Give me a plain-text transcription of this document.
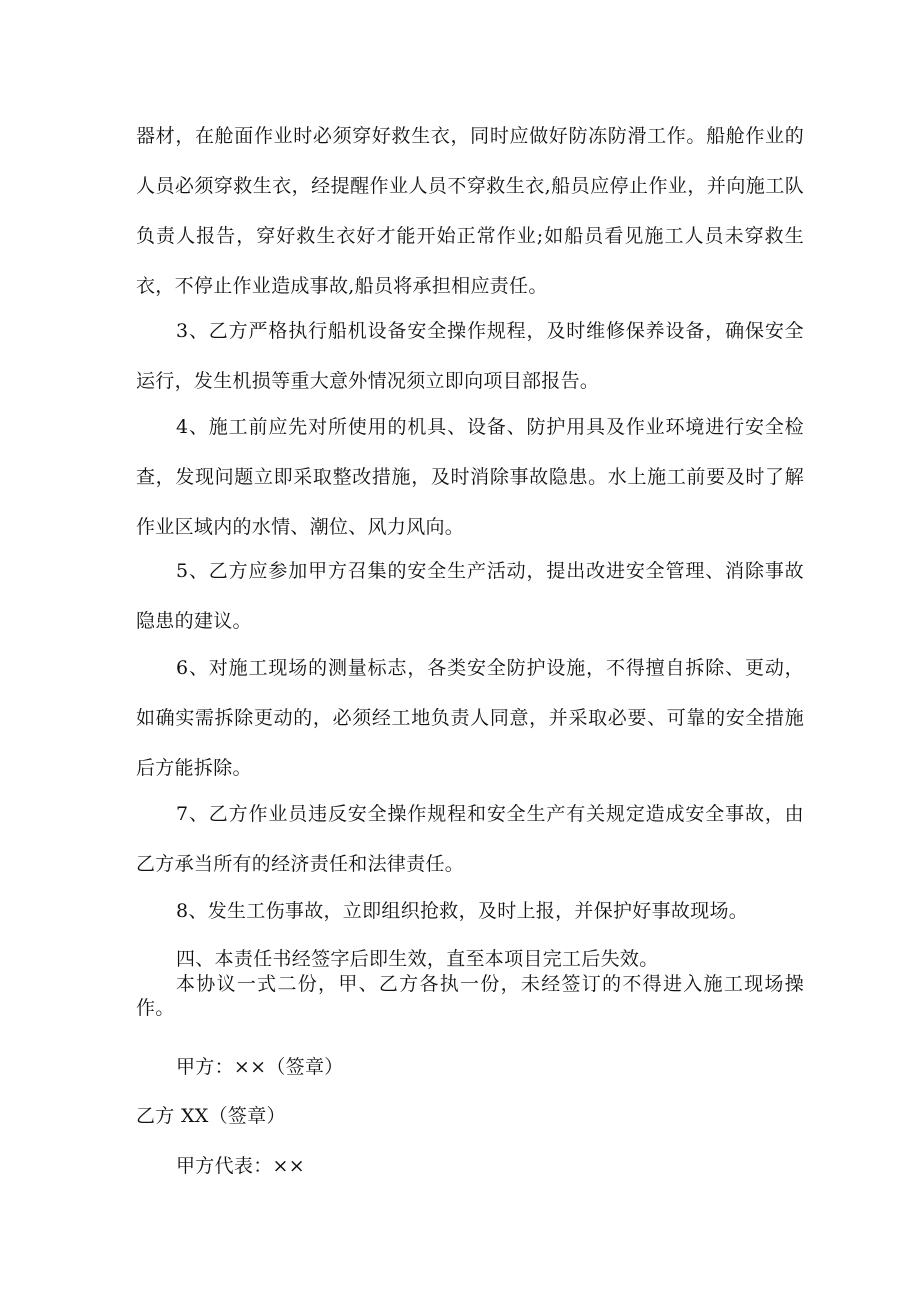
器材，在舱面作业时必须穿好救生衣，同时应做好防冻防滑工作。船舱作业的人员必须穿救生衣，经提醒作业人员不穿救生衣,船员应停止作业，并向施工队负责人报告，穿好救生衣好才能开始正常作业;如船员看见施工人员未穿救生衣，不停止作业造成事故,船员将承担相应责任。

3、乙方严格执行船机设备安全操作规程，及时维修保养设备，确保安全运行，发生机损等重大意外情况须立即向项目部报告。

4、施工前应先对所使用的机具、设备、防护用具及作业环境进行安全检查，发现问题立即采取整改措施，及时消除事故隐患。水上施工前要及时了解作业区域内的水情、潮位、风力风向。

5、乙方应参加甲方召集的安全生产活动，提出改进安全管理、消除事故隐患的建议。

6、对施工现场的测量标志，各类安全防护设施，不得擅自拆除、更动，如确实需拆除更动的，必须经工地负责人同意，并采取必要、可靠的安全措施后方能拆除。

7、乙方作业员违反安全操作规程和安全生产有关规定造成安全事故，由乙方承当所有的经济责任和法律责任。

8、发生工伤事故，立即组织抢救，及时上报，并保护好事故现场。

四、本责任书经签字后即生效，直至本项目完工后失效。

本协议一式二份，甲、乙方各执一份，未经签订的不得进入施工现场操作。

甲方：××（签章）

乙方 XX（签章）

甲方代表：××
